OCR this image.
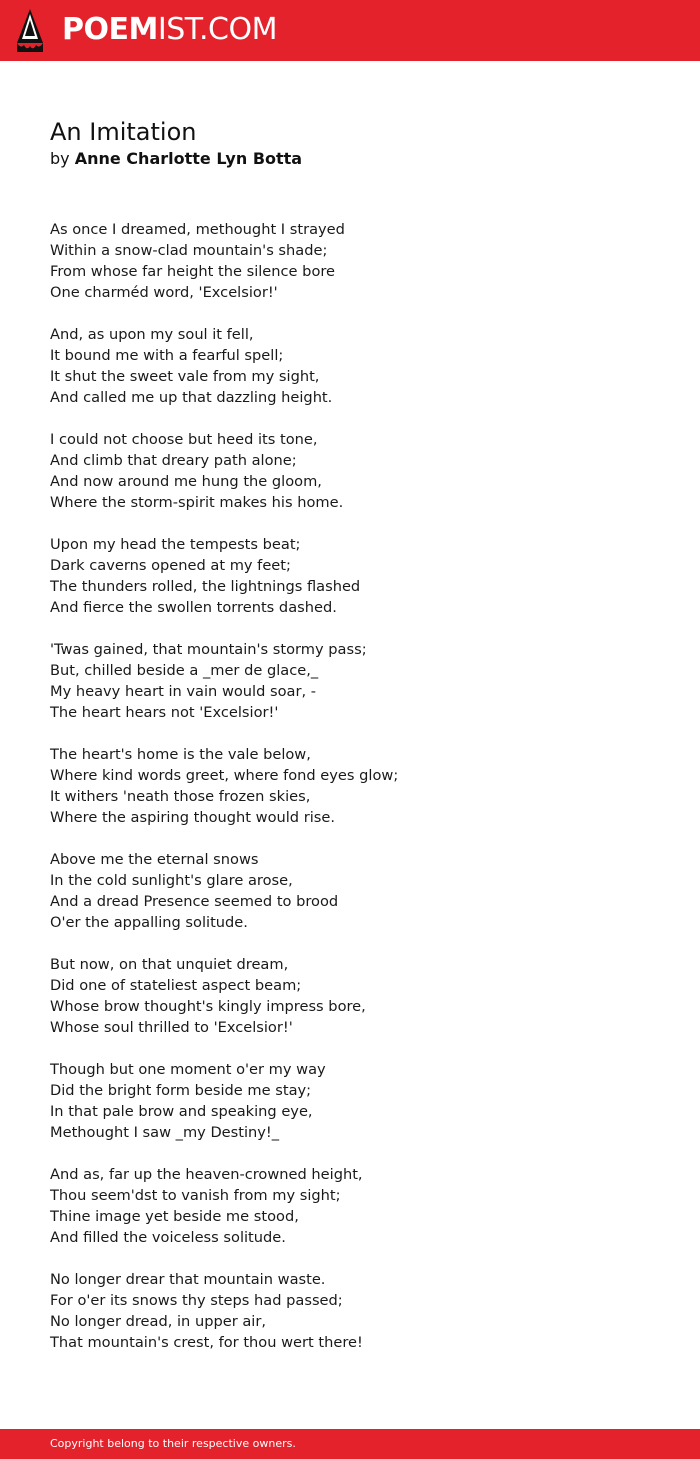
POEMIST.COM
An Imitation
by Anne Charlotte Lyn Botta
As once I dreamed, methought I strayed
Within a snow-clad mountain's shade;
From whose far height the silence bore
One charméd word, 'Excelsior!'
And, as upon my soul it fell,
It bound me with a fearful spell;
It shut the sweet vale from my sight,
And called me up that dazzling height.
I could not choose but heed its tone,
And climb that dreary path alone;
And now around me hung the gloom,
Where the storm-spirit makes his home.
Upon my head the tempests beat;
Dark caverns opened at my feet;
The thunders rolled, the lightnings flashed
And fierce the swollen torrents dashed.
'Twas gained, that mountain's stormy pass;
But, chilled beside a _mer de glace,_
My heavy heart in vain would soar, -
The heart hears not 'Excelsior!'
The heart's home is the vale below,
Where kind words greet, where fond eyes glow;
It withers 'neath those frozen skies,
Where the aspiring thought would rise.
Above me the eternal snows
In the cold sunlight's glare arose,
And a dread Presence seemed to brood
O'er the appalling solitude.
But now, on that unquiet dream,
Did one of stateliest aspect beam;
Whose brow thought's kingly impress bore,
Whose soul thrilled to 'Excelsior!'
Though but one moment o'er my way
Did the bright form beside me stay;
In that pale brow and speaking eye,
Methought I saw _my Destiny!_
And as, far up the heaven-crowned height,
Thou seem'dst to vanish from my sight;
Thine image yet beside me stood,
And filled the voiceless solitude.
No longer drear that mountain waste.
For o'er its snows thy steps had passed;
No longer dread, in upper air,
That mountain's crest, for thou wert there!
Copyright belong to their respective owners.
